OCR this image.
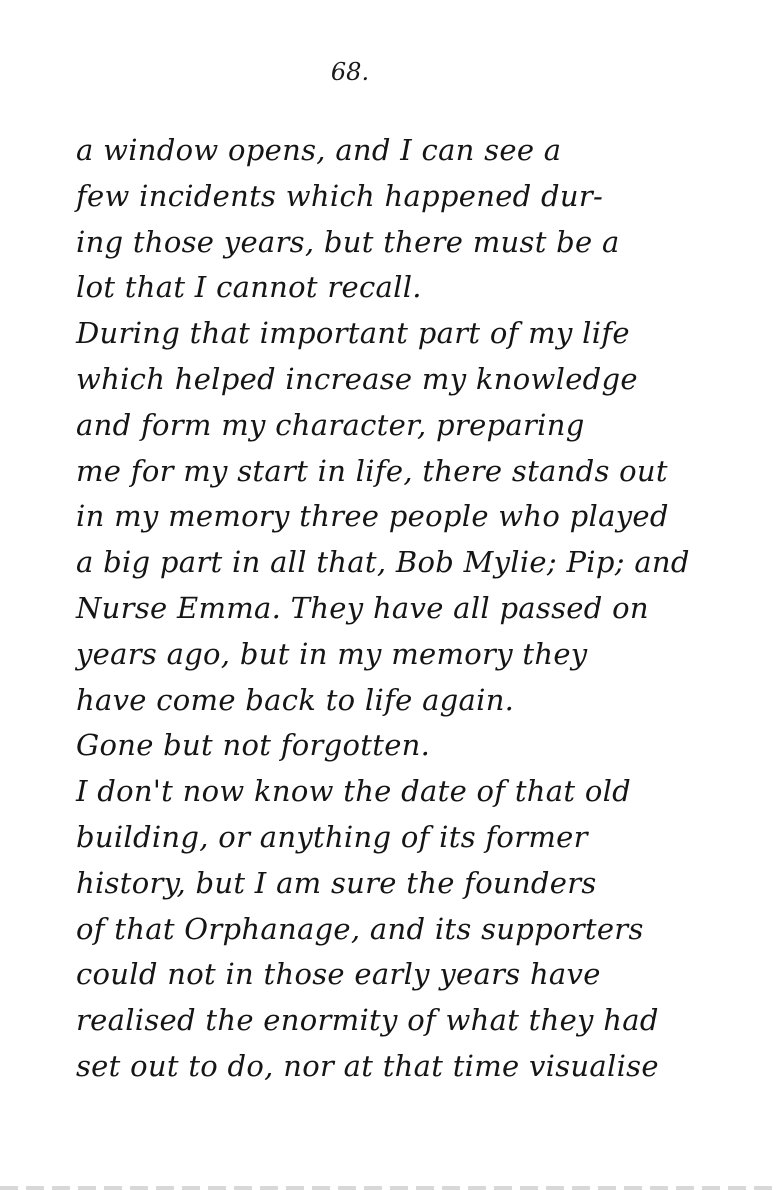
68.
a window opens, and I can see a
few incidents which happened dur-
ing those years, but there must be a
lot that I cannot recall.
During that important part of my life
which helped increase my knowledge
and form my character, preparing
me for my start in life, there stands out
in my memory three people who played
a big part in all that, Bob Mylie; Pip; and
Nurse Emma. They have all passed on
years ago, but in my memory they
have come back to life again.
Gone but not forgotten.
I don't now know the date of that old
building, or anything of its former
history, but I am sure the founders
of that Orphanage, and its supporters
could not in those early years have
realised the enormity of what they had
set out to do, nor at that time visualise
